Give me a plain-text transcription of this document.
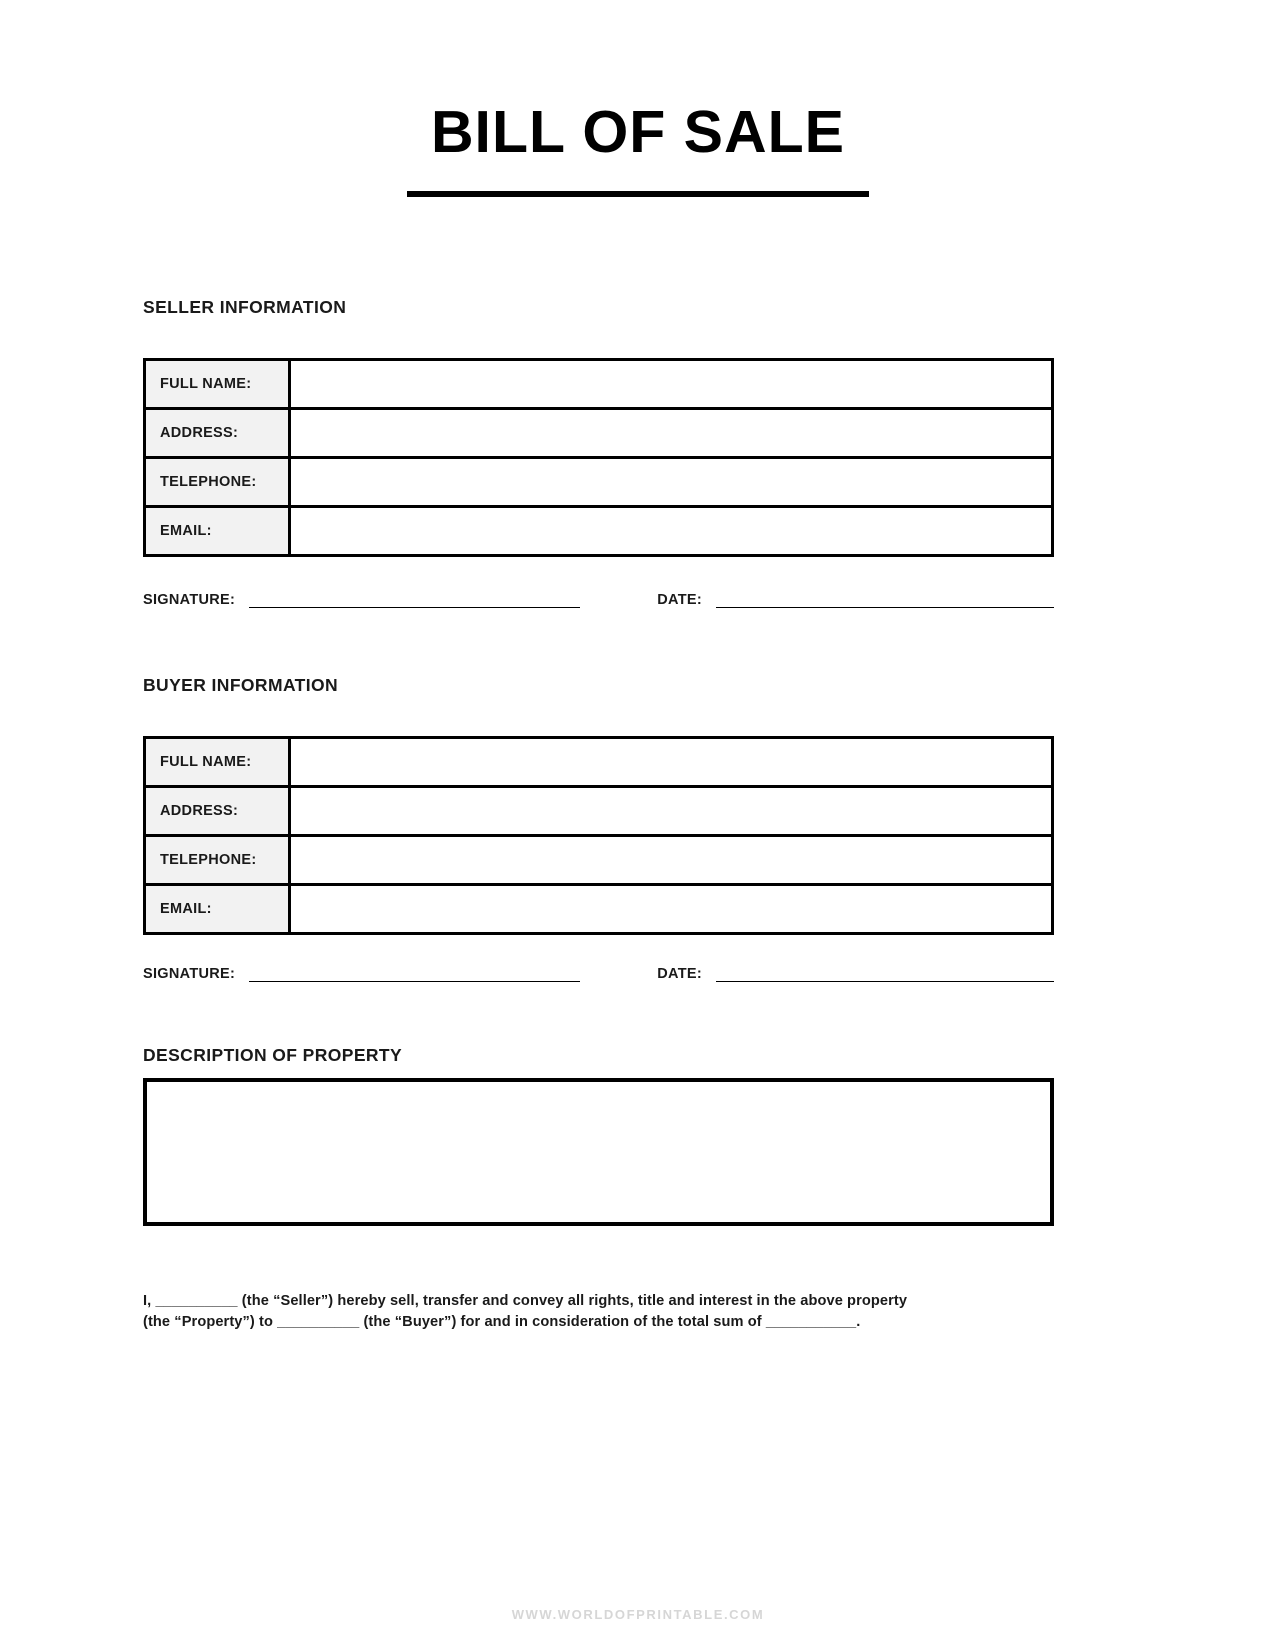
BILL OF SALE
SELLER INFORMATION
FULL NAME:	
ADDRESS:	
TELEPHONE:	
EMAIL:	
SIGNATURE:	DATE:
BUYER INFORMATION
FULL NAME:	
ADDRESS:	
TELEPHONE:	
EMAIL:	
SIGNATURE:	DATE:
DESCRIPTION OF PROPERTY
I, __________ (the “Seller”) hereby sell, transfer and convey all rights, title and interest in the above property
(the “Property”) to __________ (the “Buyer”) for and in consideration of the total sum of ___________.
WWW.WORLDOFPRINTABLE.COM
